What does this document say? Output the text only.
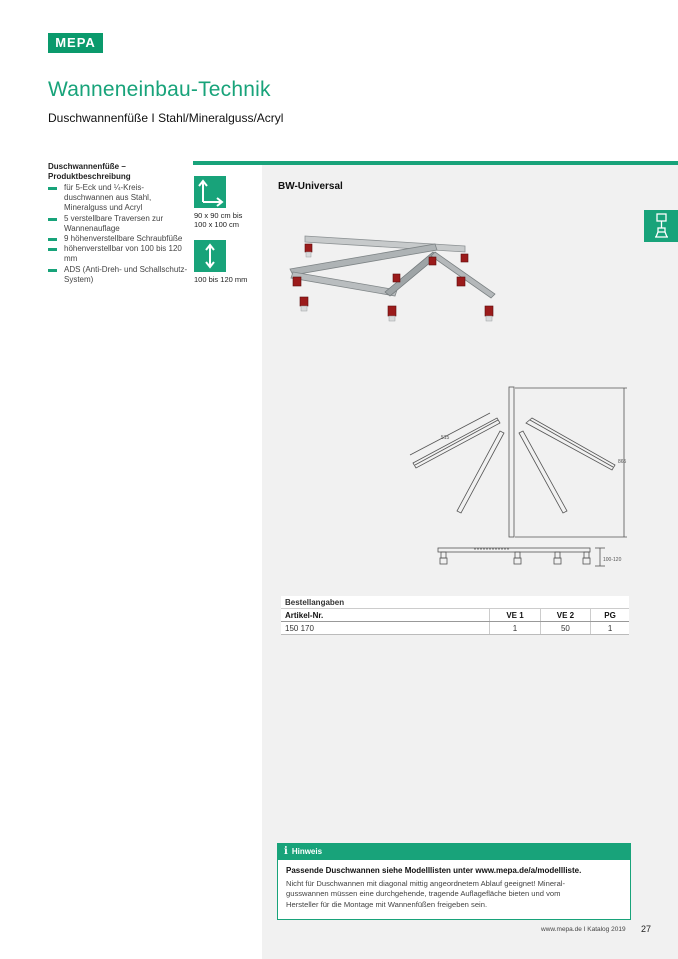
MEPA
Wanneneinbau-Technik
Duschwannenfüße I Stahl/Mineralguss/Acryl
Duschwannenfüße – Produktbeschreibung
für 5-Eck und ¼-Kreis-duschwannen aus Stahl, Mineralguss und Acryl
5 verstellbare Traversen zur Wannenauflage
9 höhenverstellbare Schraubfüße
höhenverstellbar von 100 bis 120 mm
ADS (Anti-Dreh- und Schallschutz-System)
90 x 90 cm bis
100 x 100 cm
100 bis 120 mm
BW-Universal
515
865
100-120
Bestellangaben			
Artikel-Nr.	VE 1	VE 2	PG
150 170	1	50	1
i Hinweis
Passende Duschwannen siehe Modelllisten unter www.mepa.de/a/modellliste.
Nicht für Duschwannen mit diagonal mittig angeordnetem Ablauf geeignet! Mineral-
gusswannen müssen eine durchgehende, tragende Auflagefläche bieten und vom
Hersteller für die Montage mit Wannenfüßen freigeben sein.
www.mepa.de I Katalog 2019 27
